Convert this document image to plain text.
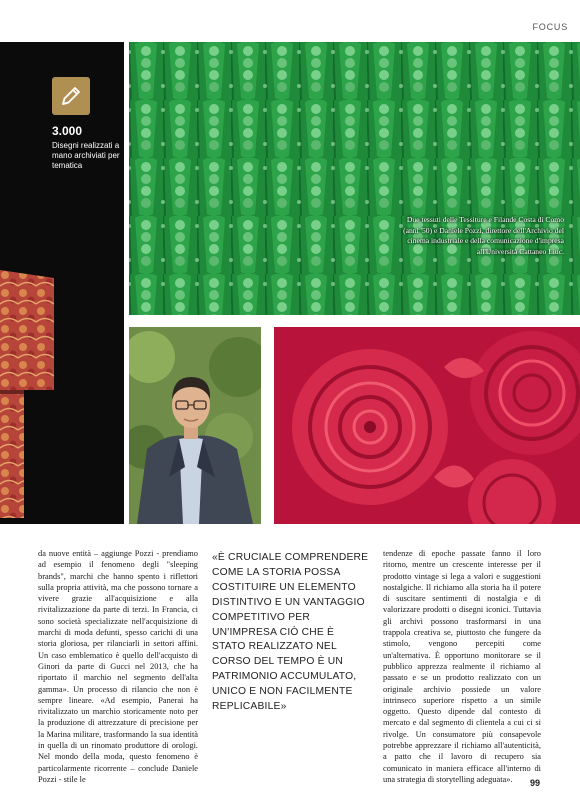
FOCUS
3.000
Disegni realizzati a mano archiviati per tematica
Due tessuti delle Tessiture e Filande Costa di Como (anni '50) e Daniele Pozzi, direttore dell'Archivio del cinema industriale e della comunicazione d'impresa all'Università Cattaneo Liuc.

da nuove entità – aggiunge Pozzi - prendiamo ad esempio il fenomeno degli "sleeping brands", marchi che hanno spento i riflettori sulla propria attività, ma che possono tornare a vivere grazie all'acquisizione e alla rivitalizzazione da parte di terzi. In Francia, ci sono società specializzate nell'acquisizione di marchi di moda defunti, spesso carichi di una storia gloriosa, per rilanciarli in settori affini. Un caso emblematico è quello dell'acquisto di Ginori da parte di Gucci nel 2013, che ha riportato il marchio nel segmento dell'alta gamma». Un processo di rilancio che non è sempre lineare. «Ad esempio, Panerai ha rivitalizzato un marchio storicamente noto per la produzione di attrezzature di precisione per la Marina militare, trasformando la sua identità in quella di un rinomato produttore di orologi. Nel mondo della moda, questo fenomeno è particolarmente ricorrente – conclude Daniele Pozzi - stile le

«È CRUCIALE COMPRENDERE COME LA STORIA POSSA COSTITUIRE UN ELEMENTO DISTINTIVO E UN VANTAGGIO COMPETITIVO PER UN'IMPRESA CIÒ CHE È STATO REALIZZATO NEL CORSO DEL TEMPO È UN PATRIMONIO ACCUMULATO, UNICO E NON FACILMENTE REPLICABILE»

tendenze di epoche passate fanno il loro ritorno, mentre un crescente interesse per il prodotto vintage si lega a valori e suggestioni nostalgiche. Il richiamo alla storia ha il potere di suscitare sentimenti di nostalgia e di valorizzare prodotti o disegni iconici. Tuttavia gli archivi possono trasformarsi in una trappola creativa se, piuttosto che fungere da stimolo, vengono percepiti come un'alternativa. È opportuno monitorare se il pubblico apprezza realmente il richiamo al passato e se un prodotto realizzato con un originale archivio possiede un valore intrinseco superiore rispetto a un simile oggetto. Questo dipende dal contesto di mercato e dal segmento di clientela a cui ci si rivolge. Un consumatore più consapevole potrebbe apprezzare il richiamo all'autenticità, a patto che il lavoro di recupero sia comunicato in maniera efficace all'interno di una strategia di storytelling adeguata».	99
